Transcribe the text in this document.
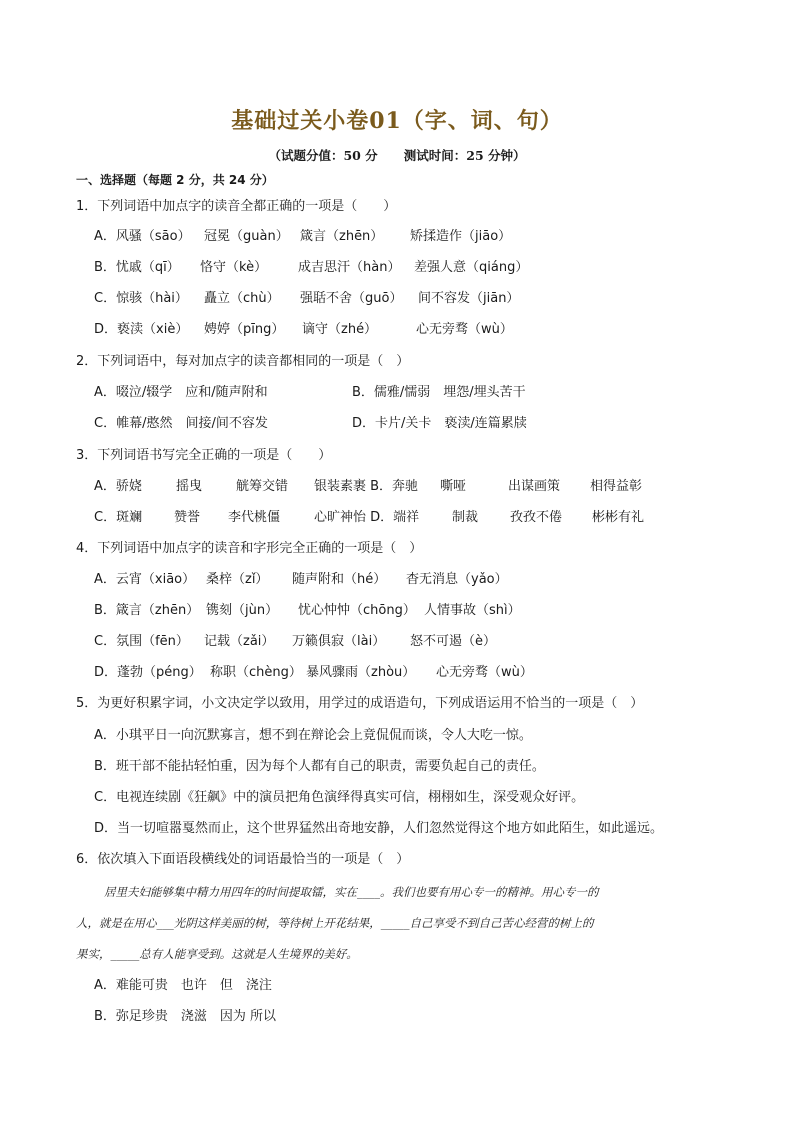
基础过关小卷01（字、词、句）
（试题分值：50 分      测试时间：25 分钟）
一、选择题（每题 2 分，共 24 分）
1．下列词语中加点字的读音全都正确的一项是（　　）
A．风骚（sāo） 冠冕（guàn） 箴言（zhēn） 矫揉造作（jiāo）
B．忧戚（qī） 恪守（kè） 成吉思汗（hàn） 差强人意（qiáng）
C．惊骇（hài） 矗立（chù） 强聒不舍（guō） 间不容发（jiān）
D．亵渎（xiè） 娉婷（pīng） 谪守（zhé）	心无旁骛（wù）
2．下列词语中，每对加点字的读音都相同的一项是（　）
A．啜泣/辍学　应和/随声附和	B．儒雅/懦弱　埋怨/埋头苦干
C．帷幕/憨然　间接/间不容发	D．卡片/关卡　亵渎/连篇累牍
3．下列词语书写完全正确的一项是（　　）
A．骄娆	摇曳	觥筹交错 银装素裹 B．奔驰 嘶哑	出谋画策 相得益彰
C．斑斓 赞誉 李代桃僵	心旷神怡 D．端祥	制裁 孜孜不倦 彬彬有礼
4．下列词语中加点字的读音和字形完全正确的一项是（　）
A．云宵（xiāo） 桑梓（zǐ） 随声附和（hé） 杳无消息（yǎo）
B．箴言（zhēn） 镌刻（jùn） 忧心忡忡（chōng） 人情事故（shì）
C．氛围（fēn） 记载（zǎi） 万籁俱寂（lài） 怒不可遏（è）
D．蓬勃（péng） 称职（chèng） 暴风骤雨（zhòu） 心无旁骛（wù）
5．为更好积累字词，小文决定学以致用，用学过的成语造句，下列成语运用不恰当的一项是（　）
A．小琪平日一向沉默寡言，想不到在辩论会上竟侃侃而谈，令人大吃一惊。
B．班干部不能拈轻怕重，因为每个人都有自己的职责，需要负起自己的责任。
C．电视连续剧《狂飙》中的演员把角色演绎得真实可信，栩栩如生，深受观众好评。
D．当一切喧嚣戛然而止，这个世界猛然出奇地安静，人们忽然觉得这个地方如此陌生，如此遥远。
6．依次填入下面语段横线处的词语最恰当的一项是（　）
居里夫妇能够集中精力用四年的时间提取镭，实在____。我们也要有用心专一的精神。用心专一的
人，就是在用心___光阴这样美丽的树，等待树上开花结果，_____自己享受不到自己苦心经营的树上的
果实，_____总有人能享受到。这就是人生境界的美好。
A．难能可贵　也许　但　浇注
B．弥足珍贵　浇滋　因为 所以
